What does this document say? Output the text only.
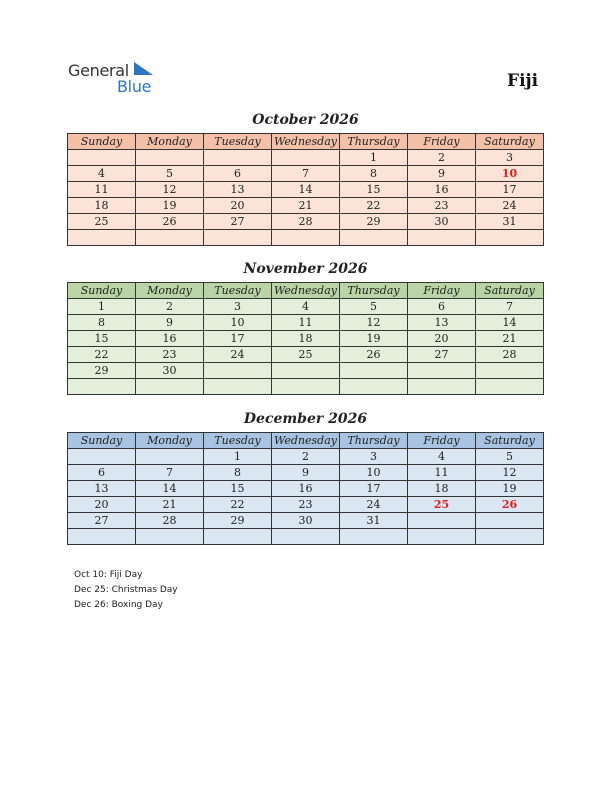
General
Blue	Fiji
October 2026
Sunday	Monday	Tuesday	Wednesday	Thursday	Friday	Saturday
				1	2	3
4	5	6	7	8	9	10
11	12	13	14	15	16	17
18	19	20	21	22	23	24
25	26	27	28	29	30	31

November 2026
Sunday	Monday	Tuesday	Wednesday	Thursday	Friday	Saturday
1	2	3	4	5	6	7
8	9	10	11	12	13	14
15	16	17	18	19	20	21
22	23	24	25	26	27	28
29	30					

December 2026
Sunday	Monday	Tuesday	Wednesday	Thursday	Friday	Saturday
		1	2	3	4	5
6	7	8	9	10	11	12
13	14	15	16	17	18	19
20	21	22	23	24	25	26
27	28	29	30	31		

Oct 10: Fiji Day
Dec 25: Christmas Day
Dec 26: Boxing Day
